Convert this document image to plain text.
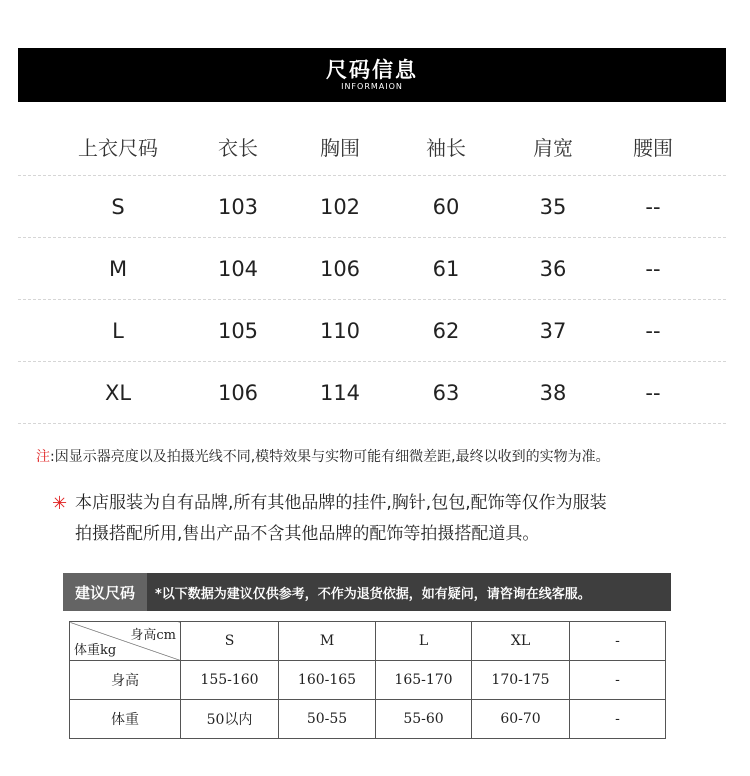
尺码信息
INFORMAION
上衣尺码	衣长	胸围	袖长	肩宽	腰围
S	103	102	60	35	--
M	104	106	61	36	--
L	105	110	62	37	--
XL	106	114	63	38	--
注:因显示器亮度以及拍摄光线不同,模特效果与实物可能有细微差距,最终以收到的实物为准。
✳ 本店服装为自有品牌,所有其他品牌的挂件,胸针,包包,配饰等仅作为服装
拍摄搭配所用,售出产品不含其他品牌的配饰等拍摄搭配道具。
建议尺码	*以下数据为建议仅供参考，不作为退货依据，如有疑问，请咨询在线客服。
身高cm
体重kg	S	M	L	XL	-
身高	155-160	160-165	165-170	170-175	-
体重	50以内	50-55	55-60	60-70	-
